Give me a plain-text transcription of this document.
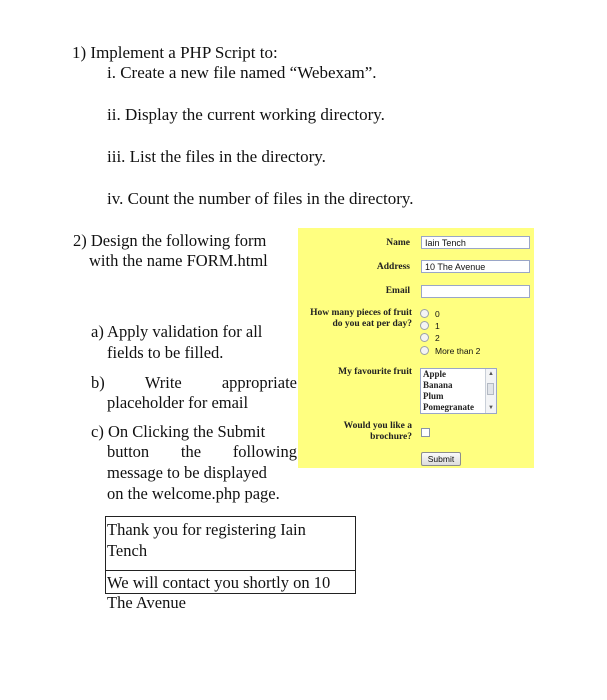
1) Implement a PHP Script to:
i. Create a new file named “Webexam”.
ii. Display the current working directory.
iii. List the files in the directory.
iv. Count the number of files in the directory.
2) Design the following form
with the name FORM.html
a) Apply validation for all
fields to be filled.
b) Write appropriate
placeholder for email
c) On Clicking the Submit
button the following
message to be displayed
on the welcome.php page.
Name	Iain Tench
Address	10 The Avenue
Email
How many pieces of fruit
do you eat per day?
0
1
2
More than 2
My favourite fruit Apple
Banana
Plum
Pomegranate
▲
▼
Would you like a
brochure?
Submit
Thank you for registering Iain
Tench
We will contact you shortly on 10
The Avenue
